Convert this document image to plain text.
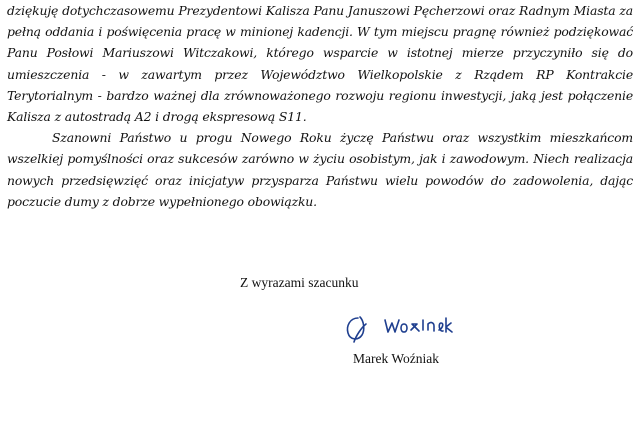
dziękuję dotychczasowemu Prezydentowi Kalisza Panu Januszowi Pęcherzowi oraz Radnym Miasta za pełną oddania i poświęcenia pracę w minionej kadencji. W tym miejscu pragnę również podziękować Panu Posłowi Mariuszowi Witczakowi, którego wsparcie w istotnej mierze przyczyniło się do umieszczenia - w zawartym przez Województwo Wielkopolskie z Rządem RP Kontrakcie Terytorialnym - bardzo ważnej dla zrównoważonego rozwoju regionu inwestycji, jaką jest połączenie Kalisza z autostradą A2 i drogą ekspresową S11.

Szanowni Państwo u progu Nowego Roku życzę Państwu oraz wszystkim mieszkańcom wszelkiej pomyślności oraz sukcesów zarówno w życiu osobistym, jak i zawodowym. Niech realizacja nowych przedsięwzięć oraz inicjatyw przysparza Państwu wielu powodów do zadowolenia, dając poczucie dumy z dobrze wypełnionego obowiązku.

Z wyrazami szacunku
Marek Woźniak
